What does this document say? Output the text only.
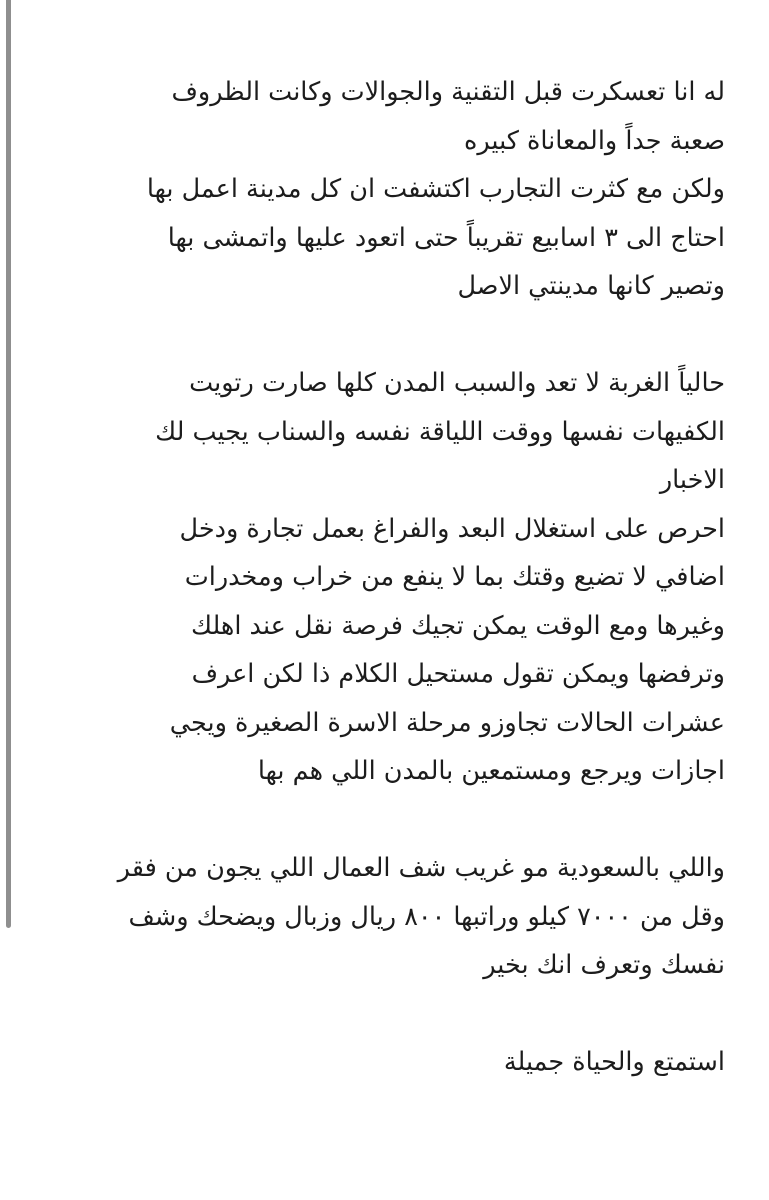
له انا تعسكرت قبل التقنية والجوالات وكانت الظروف
صعبة جداً والمعاناة كبيره
ولكن مع كثرت التجارب اكتشفت ان كل مدينة اعمل بها
احتاج الى ٣ اسابيع تقريباً حتى اتعود عليها واتمشى بها
وتصير كانها مدينتي الاصل

حالياً الغربة لا تعد والسبب المدن كلها صارت رتويت
الكفيهات نفسها ووقت اللياقة نفسه والسناب يجيب لك
الاخبار
احرص على استغلال البعد والفراغ بعمل تجارة ودخل
اضافي لا تضيع وقتك بما لا ينفع من خراب ومخدرات
وغيرها ومع الوقت يمكن تجيك فرصة نقل عند اهلك
وترفضها ويمكن تقول مستحيل الكلام ذا لكن اعرف
عشرات الحالات تجاوزو مرحلة الاسرة الصغيرة ويجي
اجازات ويرجع ومستمعين بالمدن اللي هم بها

واللي بالسعودية مو غريب شف العمال اللي يجون من فقر
وقل من ٧٠٠٠ كيلو وراتبها ٨٠٠ ريال وزبال ويضحك وشف
نفسك وتعرف انك بخير

استمتع والحياة جميلة
